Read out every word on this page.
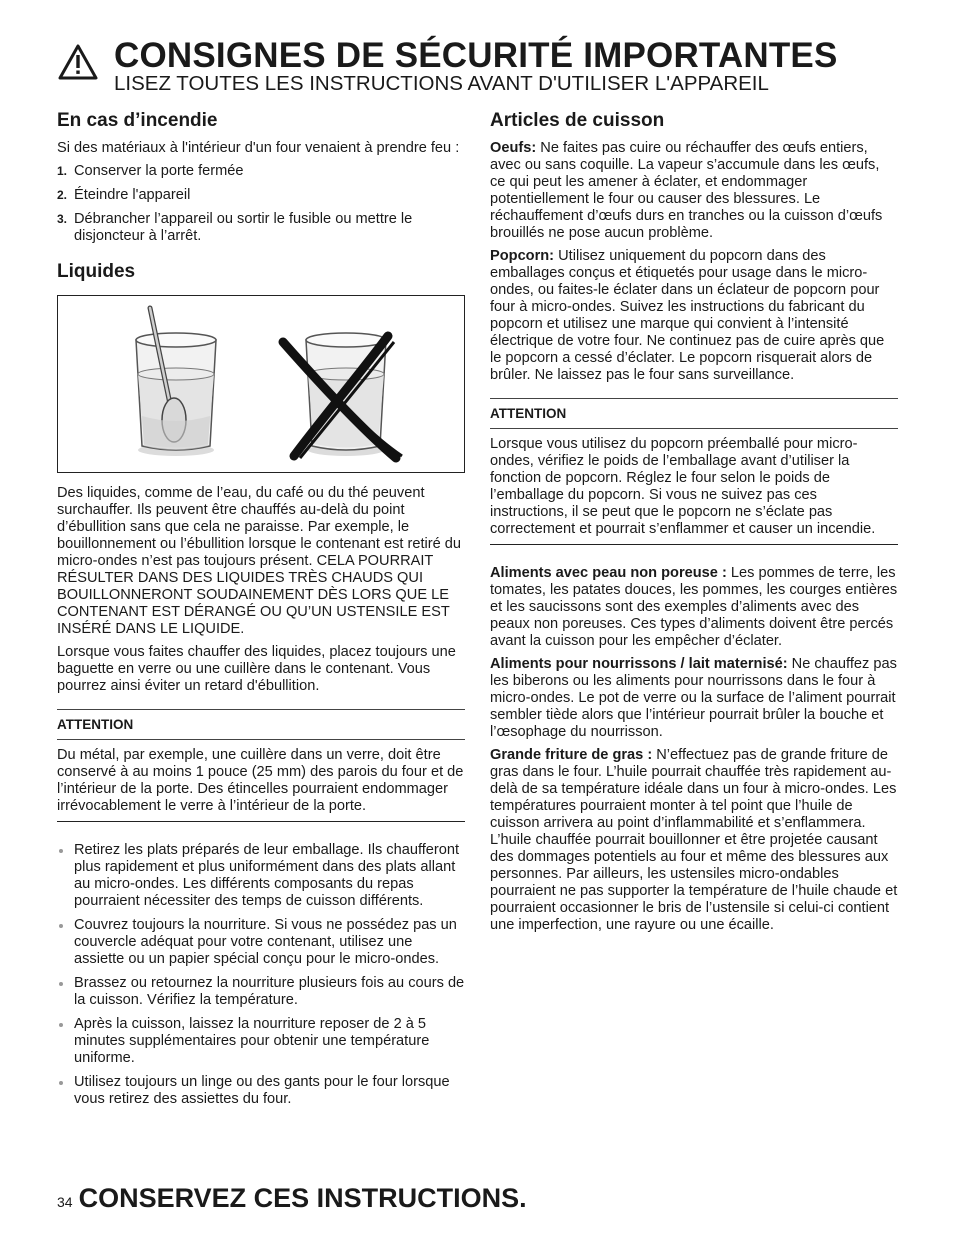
CONSIGNES DE SÉCURITÉ IMPORTANTES
LISEZ TOUTES LES INSTRUCTIONS AVANT D'UTILISER L'APPAREIL
En cas d’incendie

Si des matériaux à l'intérieur d'un four venaient à prendre feu :

1. Conserver la porte fermée
2. Éteindre l'appareil
3. Débrancher l’appareil ou sortir le fusible ou mettre le disjoncteur à l’arrêt.
Liquides

Des liquides, comme de l’eau, du café ou du thé peuvent surchauffer. Ils peuvent être chauffés au-delà du point d’ébullition sans que cela ne paraisse. Par exemple, le bouillonnement ou l’ébullition lorsque le contenant est retiré du micro-ondes n’est pas toujours présent. CELA POURRAIT RÉSULTER DANS DES LIQUIDES TRÈS CHAUDS QUI BOUILLONNERONT SOUDAINEMENT DÈS LORS QUE LE CONTENANT EST DÉRANGÉ OU QU’UN USTENSILE EST INSÉRÉ DANS LE LIQUIDE.

Lorsque vous faites chauffer des liquides, placez toujours une baguette en verre ou une cuillère dans le contenant. Vous pourrez ainsi éviter un retard d'ébullition.

ATTENTION
Du métal, par exemple, une cuillère dans un verre, doit être conservé à au moins 1 pouce (25 mm) des parois du four et de l’intérieur de la porte. Des étincelles pourraient endommager irrévocablement le verre à l’intérieur de la porte.
Retirez les plats préparés de leur emballage. Ils chaufferont plus rapidement et plus uniformément dans des plats allant au micro-ondes. Les différents composants du repas pourraient nécessiter des temps de cuisson différents.
Couvrez toujours la nourriture. Si vous ne possédez pas un couvercle adéquat pour votre contenant, utilisez une assiette ou un papier spécial conçu pour le micro-ondes.
Brassez ou retournez la nourriture plusieurs fois au cours de la cuisson. Vérifiez la température.
Après la cuisson, laissez la nourriture reposer de 2 à 5 minutes supplémentaires pour obtenir une température uniforme.
Utilisez toujours un linge ou des gants pour le four lorsque vous retirez des assiettes du four.
Articles de cuisson

Oeufs: Ne faites pas cuire ou réchauffer des œufs entiers, avec ou sans coquille. La vapeur s’accumule dans les œufs, ce qui peut les amener à éclater, et endommager potentiellement le four ou causer des blessures. Le réchauffement d’œufs durs en tranches ou la cuisson d’œufs brouillés ne pose aucun problème.

Popcorn: Utilisez uniquement du popcorn dans des emballages conçus et étiquetés pour usage dans le micro-ondes, ou faites-le éclater dans un éclateur de popcorn pour four à micro-ondes. Suivez les instructions du fabricant du popcorn et utilisez une marque qui convient à l’intensité électrique de votre four. Ne continuez pas de cuire après que le popcorn a cessé d’éclater. Le popcorn risquerait alors de brûler. Ne laissez pas le four sans surveillance.

ATTENTION
Lorsque vous utilisez du popcorn préemballé pour micro-ondes, vérifiez le poids de l’emballage avant d’utiliser la fonction de popcorn. Réglez le four selon le poids de l’emballage du popcorn. Si vous ne suivez pas ces instructions, il se peut que le popcorn ne s’éclate pas correctement et pourrait s’enflammer et causer un incendie.

Aliments avec peau non poreuse : Les pommes de terre, les tomates, les patates douces, les pommes, les courges entières et les saucissons sont des exemples d’aliments avec des peaux non poreuses. Ces types d’aliments doivent être percés avant la cuisson pour les empêcher d’éclater.

Aliments pour nourrissons / lait maternisé: Ne chauffez pas les biberons ou les aliments pour nourrissons dans le four à micro-ondes. Le pot de verre ou la surface de l’aliment pourrait sembler tiède alors que l’intérieur pourrait brûler la bouche et l’œsophage du nourrisson.

Grande friture de gras : N’effectuez pas de grande friture de gras dans le four. L’huile pourrait chauffée très rapidement au-delà de sa température idéale dans un four à micro-ondes. Les températures pourraient monter à tel point que l’huile de cuisson arrivera au point d’inflammabilité et s’enflammera. L’huile chauffée pourrait bouillonner et être projetée causant des dommages potentiels au four et même des blessures aux personnes. Par ailleurs, les ustensiles micro-ondables pourraient ne pas supporter la température de l’huile chaude et pourraient occasionner le bris de l’ustensile si celui-ci contient une imperfection, une rayure ou une écaille.

34 CONSERVEZ CES INSTRUCTIONS.
